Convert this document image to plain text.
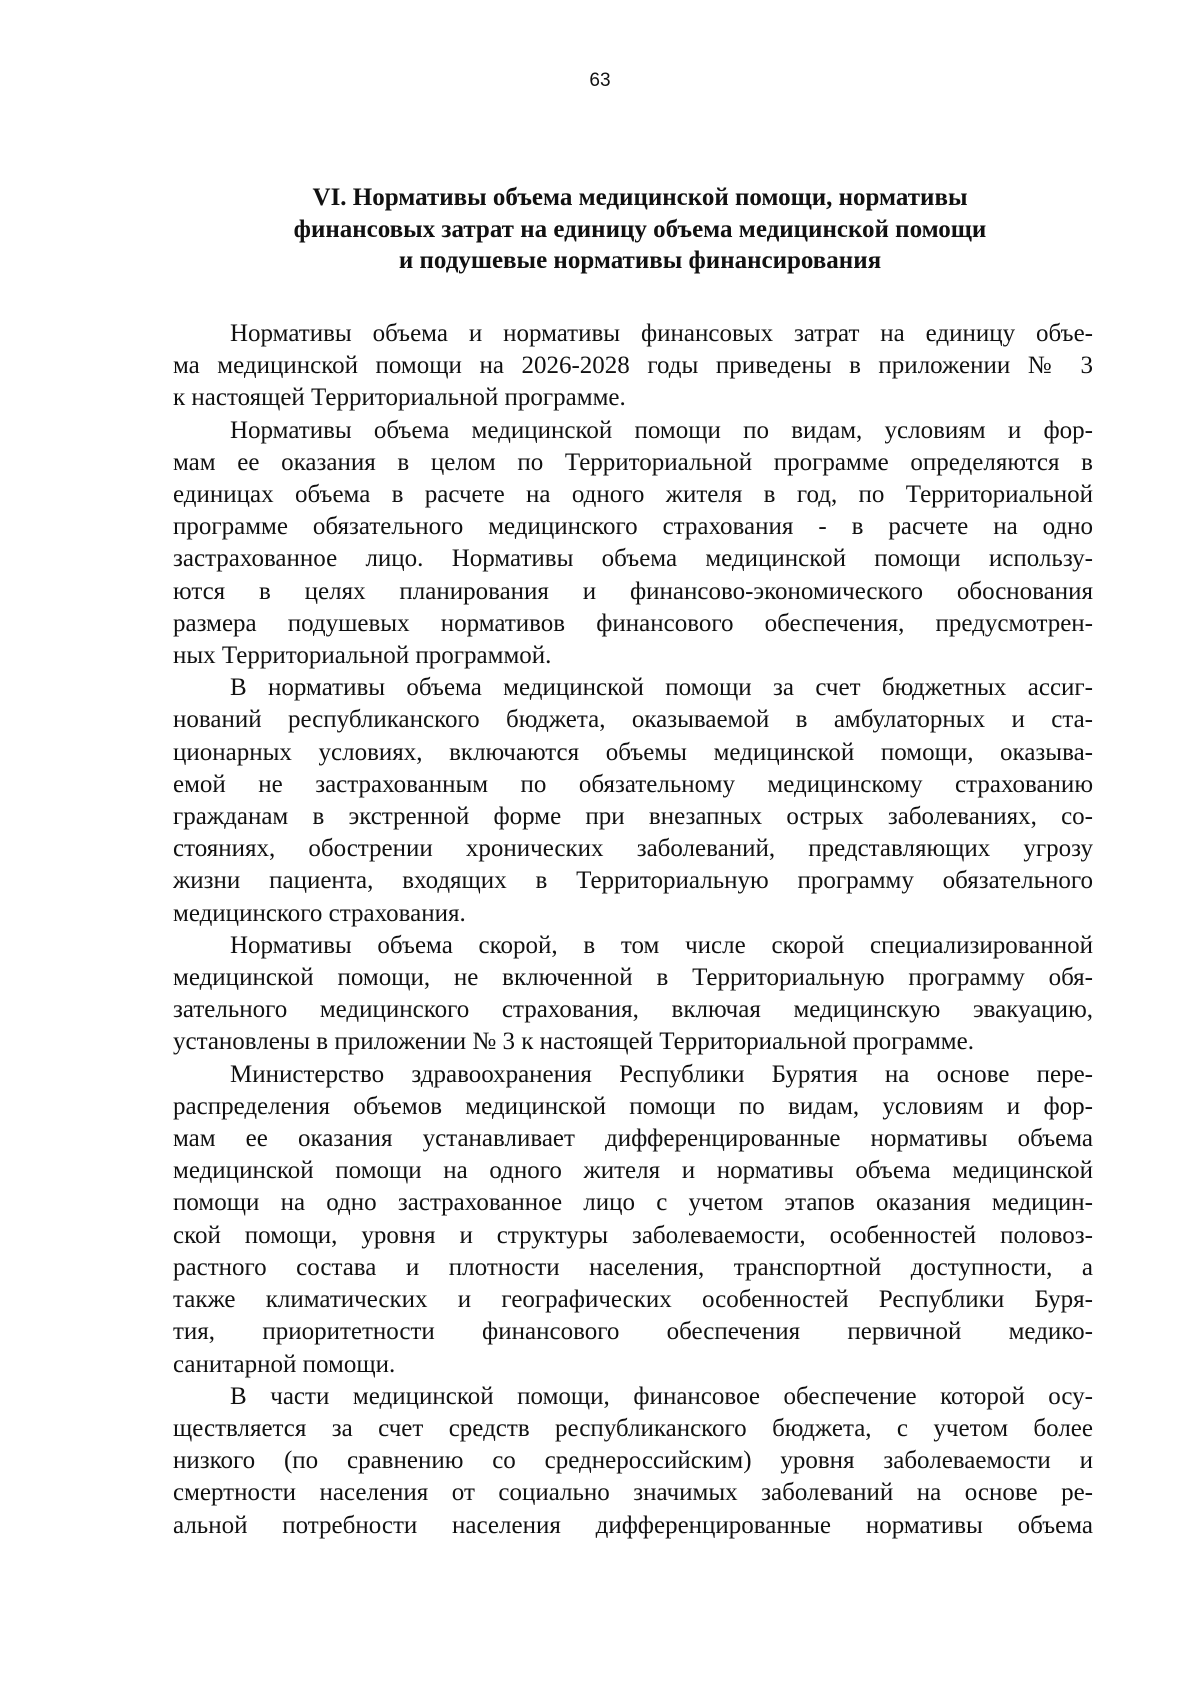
63
VI. Нормативы объема медицинской помощи, нормативы
финансовых затрат на единицу объема медицинской помощи
и подушевые нормативы финансирования

Нормативы объема и нормативы финансовых затрат на единицу объе-
ма медицинской помощи на 2026-2028 годы приведены в приложении № 3
к настоящей Территориальной программе.

Нормативы объема медицинской помощи по видам, условиям и фор-
мам ее оказания в целом по Территориальной программе определяются в
единицах объема в расчете на одного жителя в год, по Территориальной
программе обязательного медицинского страхования - в расчете на одно
застрахованное лицо. Нормативы объема медицинской помощи использу-
ются в целях планирования и финансово-экономического обоснования
размера подушевых нормативов финансового обеспечения, предусмотрен-
ных Территориальной программой.

В нормативы объема медицинской помощи за счет бюджетных ассиг-
нований республиканского бюджета, оказываемой в амбулаторных и ста-
ционарных условиях, включаются объемы медицинской помощи, оказыва-
емой не застрахованным по обязательному медицинскому страхованию
гражданам в экстренной форме при внезапных острых заболеваниях, со-
стояниях, обострении хронических заболеваний, представляющих угрозу
жизни пациента, входящих в Территориальную программу обязательного
медицинского страхования.

Нормативы объема скорой, в том числе скорой специализированной
медицинской помощи, не включенной в Территориальную программу обя-
зательного медицинского страхования, включая медицинскую эвакуацию,
установлены в приложении № 3 к настоящей Территориальной программе.

Министерство здравоохранения Республики Бурятия на основе пере-
распределения объемов медицинской помощи по видам, условиям и фор-
мам ее оказания устанавливает дифференцированные нормативы объема
медицинской помощи на одного жителя и нормативы объема медицинской
помощи на одно застрахованное лицо с учетом этапов оказания медицин-
ской помощи, уровня и структуры заболеваемости, особенностей половоз-
растного состава и плотности населения, транспортной доступности, а
также климатических и географических особенностей Республики Буря-
тия, приоритетности финансового обеспечения первичной медико-
санитарной помощи.

В части медицинской помощи, финансовое обеспечение которой осу-
ществляется за счет средств республиканского бюджета, с учетом более
низкого (по сравнению со среднероссийским) уровня заболеваемости и
смертности населения от социально значимых заболеваний на основе ре-
альной потребности населения дифференцированные нормативы объема
